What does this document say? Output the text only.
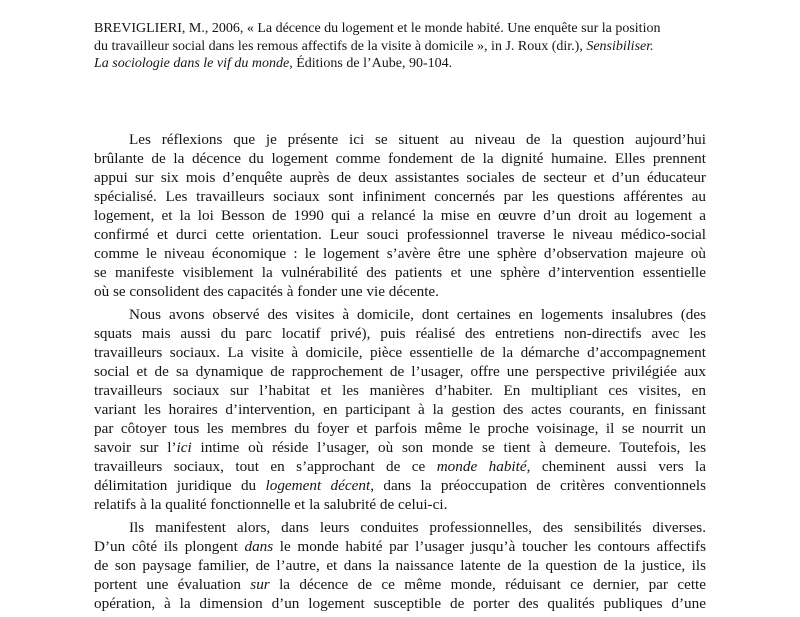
BREVIGLIERI, M., 2006, « La décence du logement et le monde habité. Une enquête sur la position
du travailleur social dans les remous affectifs de la visite à domicile », in J. Roux (dir.), Sensibiliser.
La sociologie dans le vif du monde, Éditions de l’Aube, 90-104.
Les réflexions que je présente ici se situent au niveau de la question aujourd’hui
brûlante de la décence du logement comme fondement de la dignité humaine. Elles prennent
appui sur six mois d’enquête auprès de deux assistantes sociales de secteur et d’un éducateur
spécialisé. Les travailleurs sociaux sont infiniment concernés par les questions afférentes au
logement, et la loi Besson de 1990 qui a relancé la mise en œuvre d’un droit au logement a
confirmé et durci cette orientation. Leur souci professionnel traverse le niveau médico-social
comme le niveau économique : le logement s’avère être une sphère d’observation majeure où
se manifeste visiblement la vulnérabilité des patients et une sphère d’intervention essentielle
où se consolident des capacités à fonder une vie décente.
Nous avons observé des visites à domicile, dont certaines en logements insalubres (des
squats mais aussi du parc locatif privé), puis réalisé des entretiens non-directifs avec les
travailleurs sociaux. La visite à domicile, pièce essentielle de la démarche d’accompagnement
social et de sa dynamique de rapprochement de l’usager, offre une perspective privilégiée aux
travailleurs sociaux sur l’habitat et les manières d’habiter. En multipliant ces visites, en
variant les horaires d’intervention, en participant à la gestion des actes courants, en finissant
par côtoyer tous les membres du foyer et parfois même le proche voisinage, il se nourrit un
savoir sur l’ici intime où réside l’usager, où son monde se tient à demeure. Toutefois, les
travailleurs sociaux, tout en s’approchant de ce monde habité, cheminent aussi vers la
délimitation juridique du logement décent, dans la préoccupation de critères conventionnels
relatifs à la qualité fonctionnelle et la salubrité de celui-ci.
Ils manifestent alors, dans leurs conduites professionnelles, des sensibilités diverses.
D’un côté ils plongent dans le monde habité par l’usager jusqu’à toucher les contours affectifs
de son paysage familier, de l’autre, et dans la naissance latente de la question de la justice, ils
portent une évaluation sur la décence de ce même monde, réduisant ce dernier, par cette
opération, à la dimension d’un logement susceptible de porter des qualités publiques d’une
